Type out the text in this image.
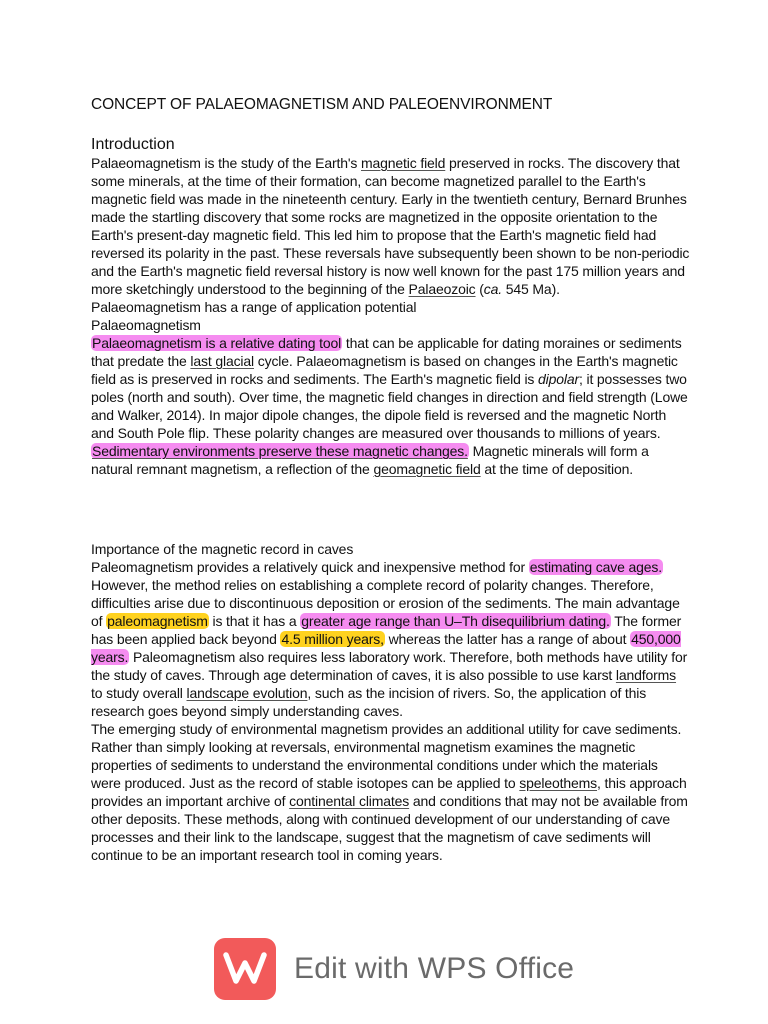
CONCEPT OF PALAEOMAGNETISM AND PALEOENVIRONMENT
Introduction
Palaeomagnetism is the study of the Earth's magnetic field preserved in rocks. The discovery that some minerals, at the time of their formation, can become magnetized parallel to the Earth's magnetic field was made in the nineteenth century. Early in the twentieth century, Bernard Brunhes made the startling discovery that some rocks are magnetized in the opposite orientation to the Earth's present-day magnetic field. This led him to propose that the Earth's magnetic field had reversed its polarity in the past. These reversals have subsequently been shown to be non-periodic and the Earth's magnetic field reversal history is now well known for the past 175 million years and more sketchingly understood to the beginning of the Palaeozoic (ca. 545 Ma).
Palaeomagnetism has a range of application potential
Palaeomagnetism
Palaeomagnetism is a relative dating tool that can be applicable for dating moraines or sediments that predate the last glacial cycle. Palaeomagnetism is based on changes in the Earth's magnetic field as is preserved in rocks and sediments. The Earth's magnetic field is dipolar; it possesses two poles (north and south). Over time, the magnetic field changes in direction and field strength (Lowe and Walker, 2014). In major dipole changes, the dipole field is reversed and the magnetic North and South Pole flip. These polarity changes are measured over thousands to millions of years. Sedimentary environments preserve these magnetic changes. Magnetic minerals will form a natural remnant magnetism, a reflection of the geomagnetic field at the time of deposition.
Importance of the magnetic record in caves
Paleomagnetism provides a relatively quick and inexpensive method for estimating cave ages. However, the method relies on establishing a complete record of polarity changes. Therefore, difficulties arise due to discontinuous deposition or erosion of the sediments. The main advantage of paleomagnetism is that it has a greater age range than U–Th disequilibrium dating. The former has been applied back beyond 4.5 million years, whereas the latter has a range of about 450,000 years. Paleomagnetism also requires less laboratory work. Therefore, both methods have utility for the study of caves. Through age determination of caves, it is also possible to use karst landforms to study overall landscape evolution, such as the incision of rivers. So, the application of this research goes beyond simply understanding caves.
The emerging study of environmental magnetism provides an additional utility for cave sediments. Rather than simply looking at reversals, environmental magnetism examines the magnetic properties of sediments to understand the environmental conditions under which the materials were produced. Just as the record of stable isotopes can be applied to speleothems, this approach provides an important archive of continental climates and conditions that may not be available from other deposits. These methods, along with continued development of our understanding of cave processes and their link to the landscape, suggest that the magnetism of cave sediments will continue to be an important research tool in coming years.
Edit with WPS Office
